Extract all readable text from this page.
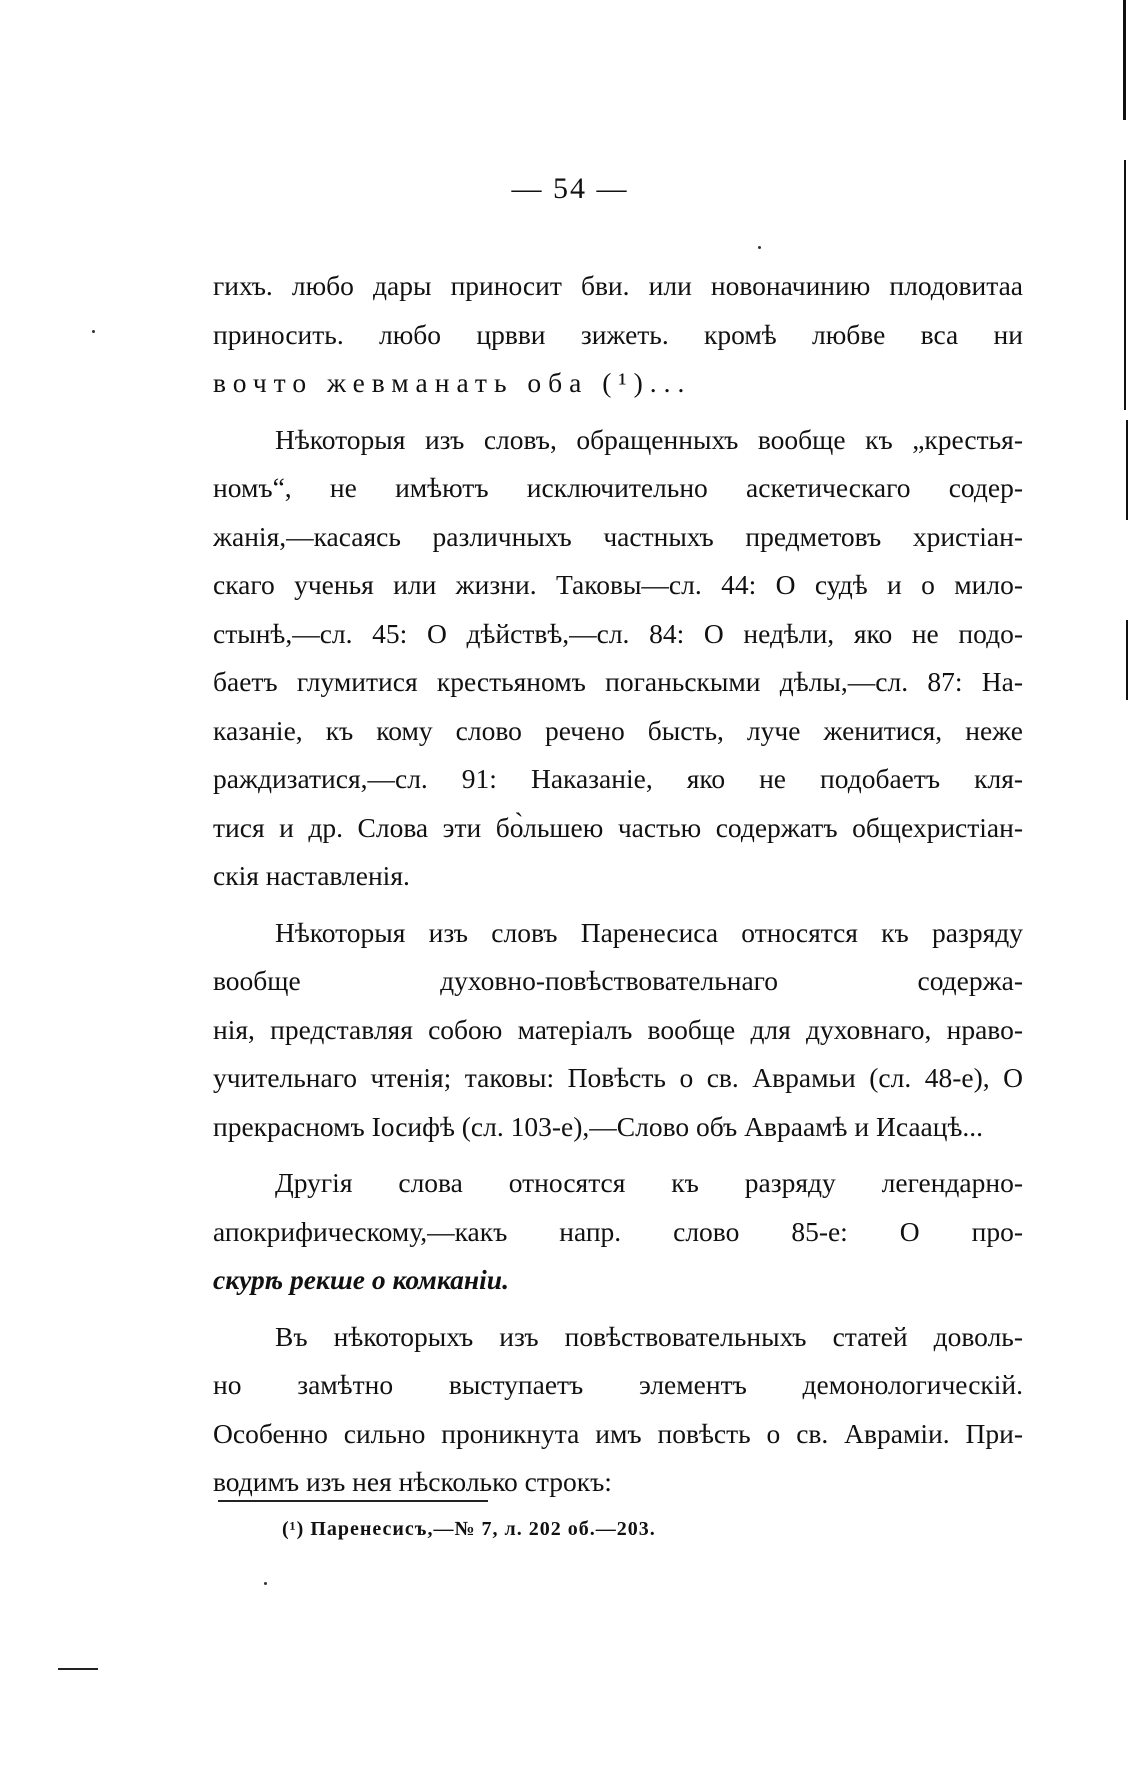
— 54 —
гихъ. любо дары приносит бви. или новоначинию плодовитаа
приносить. любо црвви зижеть. кромѣ любве вса ни
вочто жевманать оба (¹)...
Нѣкоторыя изъ словъ, обращенныхъ вообще къ „крестья-
номъ“, не имѣютъ исключительно аскетическаго содер-
жанія,—касаясь различныхъ частныхъ предметовъ христіан-
скаго ученья или жизни. Таковы—сл. 44: О судѣ и о мило-
стынѣ,—сл. 45: О дѣйствѣ,—сл. 84: О недѣли, яко не подо-
баетъ глумитися крестьяномъ поганьскыми дѣлы,—сл. 87: На-
казаніе, къ кому слово речено бысть, луче женитися, неже
раждизатися,—сл. 91: Наказаніе, яко не подобаетъ кля-
тися и др. Слова эти бо̀льшею частью содержатъ общехристіан-
скія наставленія.
Нѣкоторыя изъ словъ Паренесиса относятся къ разряду
вообще духовно-повѣствовательнаго содержа-
нія, представляя собою матеріалъ вообще для духовнаго, нраво-
учительнаго чтенія; таковы: Повѣсть о св. Аврамьи (сл. 48-е), О
прекрасномъ Іосифѣ (сл. 103-е),—Слово объ Авраамѣ и Исаацѣ...
Другія слова относятся къ разряду легендарно-
апокрифическому,—какъ напр. слово 85-е: О про-
скурѣ рекше о комканіи.
Въ нѣкоторыхъ изъ повѣствовательныхъ статей доволь-
но замѣтно выступаетъ элементъ демонологическій.
Особенно сильно проникнута имъ повѣсть о св. Аврамiи. При-
водимъ изъ нея нѣсколько строкъ:
(¹) Паренесисъ,—№ 7, л. 202 об.—203.
